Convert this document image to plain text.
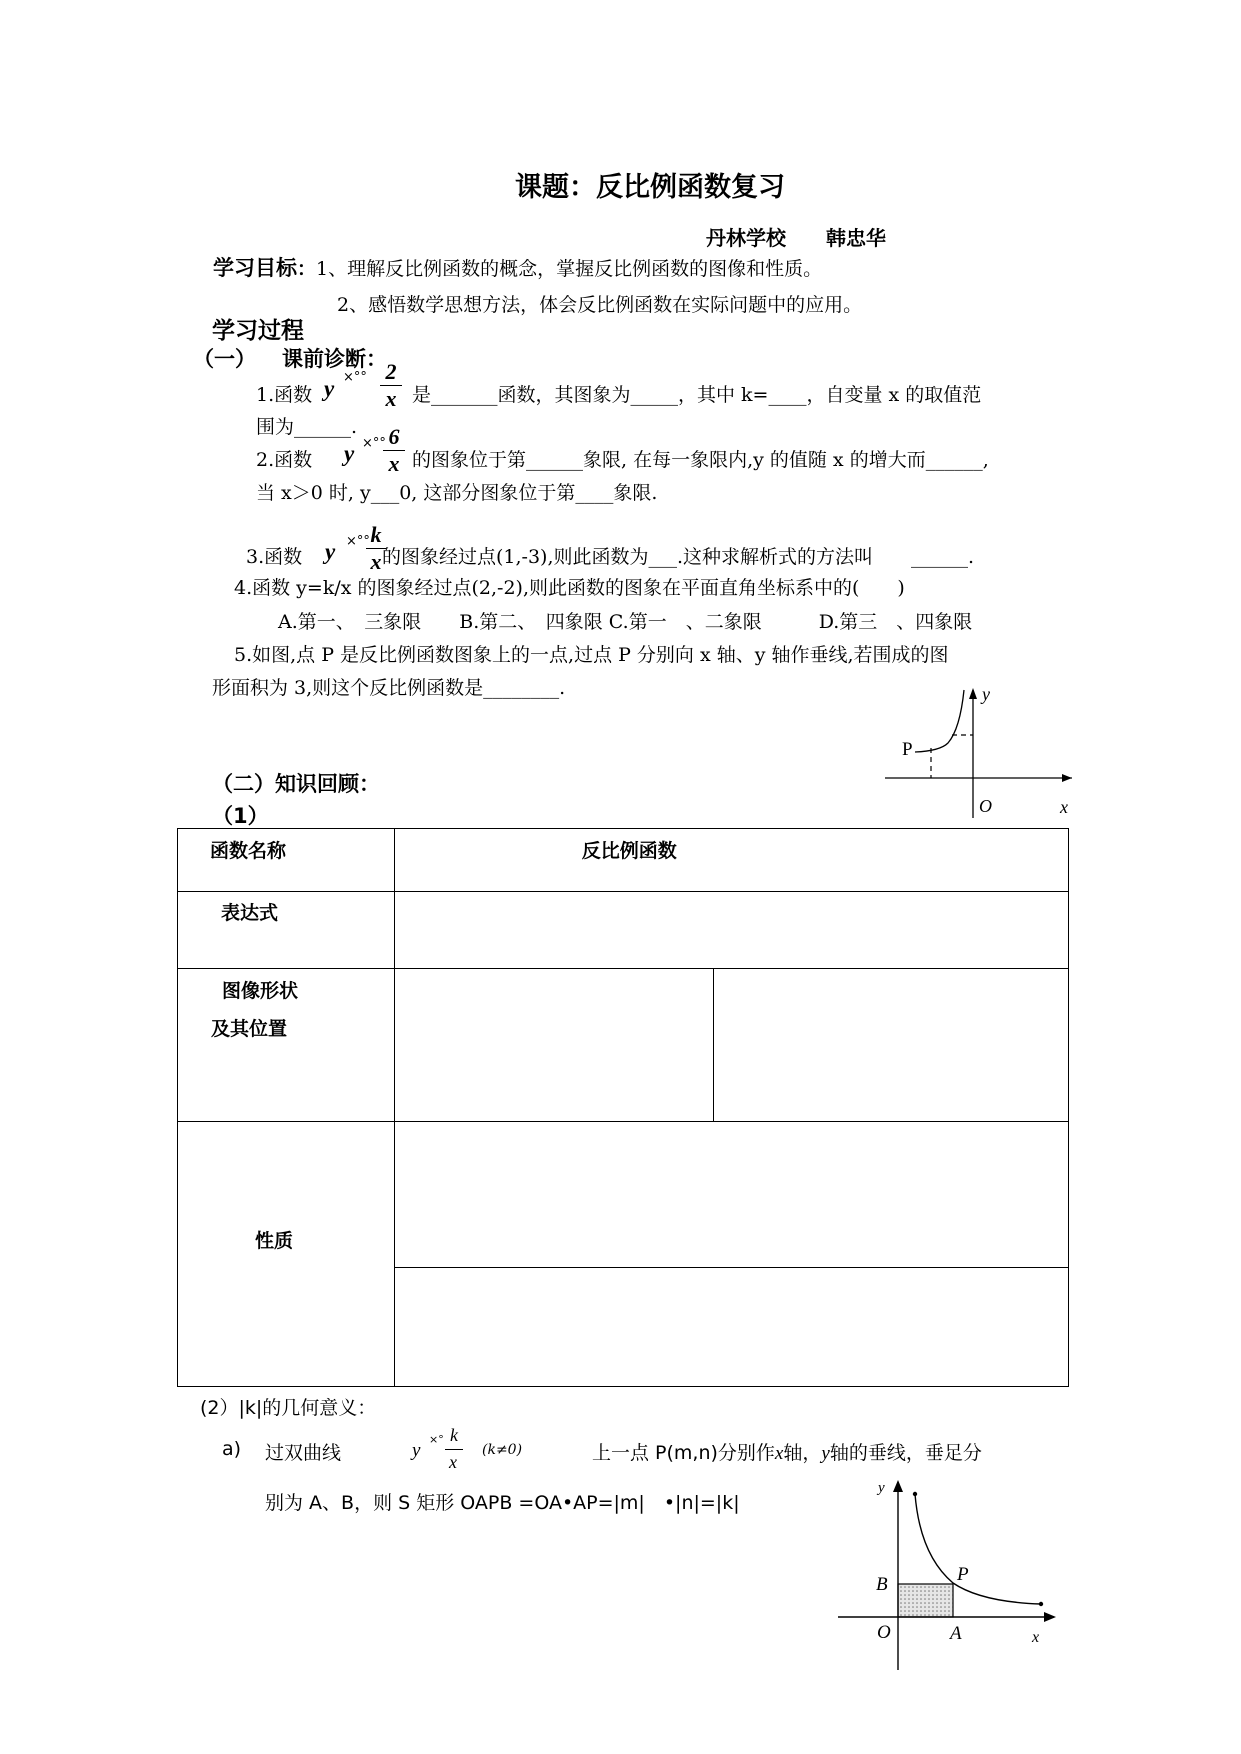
课题：反比例函数复习
丹林学校　　韩忠华
学习目标：1、理解反比例函数的概念，掌握反比例函数的图像和性质。
2、感悟数学思想方法，体会反比例函数在实际问题中的应用。
学习过程
（一） 课前诊断：
1.函数 y ×°° 2
x 是_______函数，其图象为_____，其中 k=____，自变量 x 的取值范
围为______.
2.函数 y ×°° 6
x 的图象位于第______象限, 在每一象限内,y 的值随 x 的增大而______,
当 x＞0 时, y___0, 这部分图象位于第____象限.
3.函数 y ×°° k
x 的图象经过点(1,-3),则此函数为___.这种求解析式的方法叫　　______.
4.函数 y=k/x 的图象经过点(2,-2),则此函数的图象在平面直角坐标系中的(　　)
A.第一、　三象限　　B.第二、　四象限 C.第一　、二象限　　　D.第三　、四象限
5.如图,点 P 是反比例函数图象上的一点,过点 P 分别向 x 轴、y 轴作垂线,若围成的图
形面积为 3,则这个反比例函数是________.
P
y
O	x
（二）知识回顾：
（1）
函数名称	反比例函数	

表达式		

图像形状
及其位置		

性质		

(2）|k|的几何意义：
a) 过双曲线	y
×° k
x
(k≠0)	上一点 P(m,n)分别作x轴，y轴的垂线，垂足分
别为 A、B，则 S 矩形 OAPB =OA•AP=|m|　•|n|=|k|
y
B	P
O	A	x
